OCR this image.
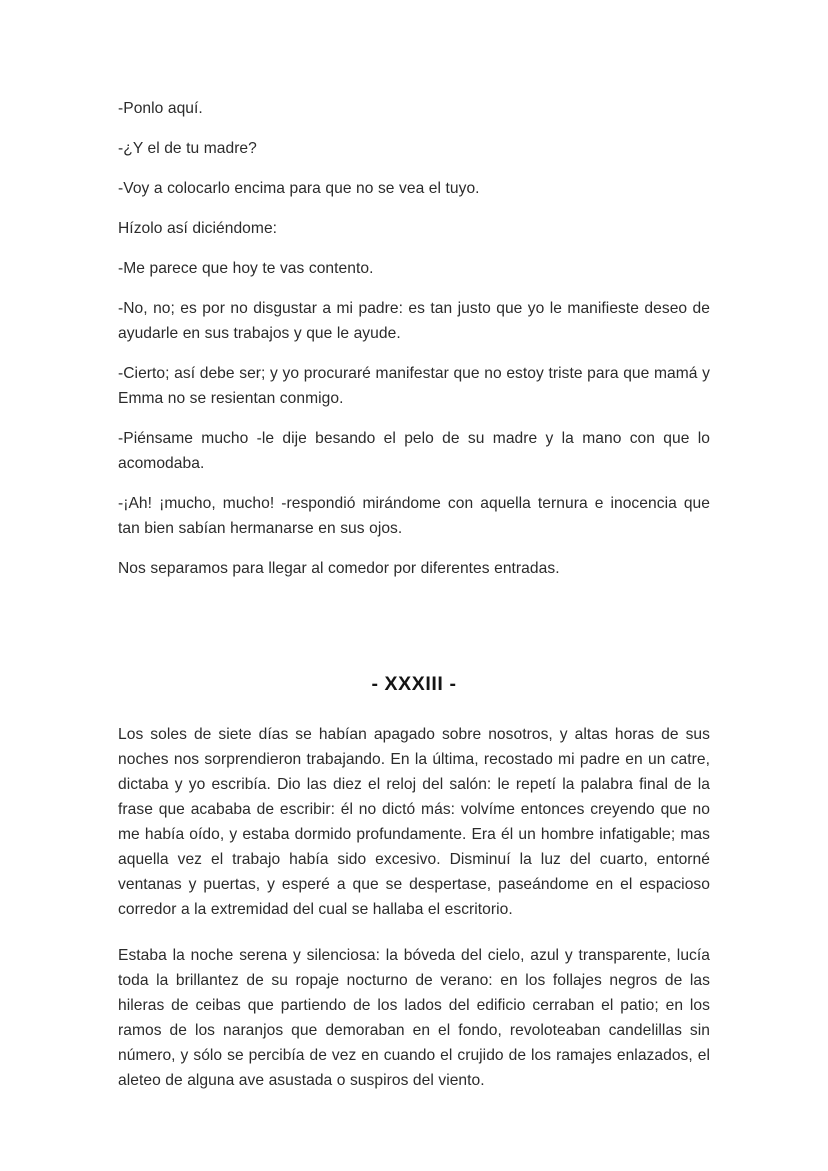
-Ponlo aquí.

-¿Y el de tu madre?

-Voy a colocarlo encima para que no se vea el tuyo.

Hízolo así diciéndome:

-Me parece que hoy te vas contento.

-No, no; es por no disgustar a mi padre: es tan justo que yo le manifieste deseo de ayudarle en sus trabajos y que le ayude.

-Cierto; así debe ser; y yo procuraré manifestar que no estoy triste para que mamá y Emma no se resientan conmigo.

-Piénsame mucho -le dije besando el pelo de su madre y la mano con que lo acomodaba.

-¡Ah! ¡mucho, mucho! -respondió mirándome con aquella ternura e inocencia que tan bien sabían hermanarse en sus ojos.

Nos separamos para llegar al comedor por diferentes entradas.

- XXXIII -

Los soles de siete días se habían apagado sobre nosotros, y altas horas de sus noches nos sorprendieron trabajando. En la última, recostado mi padre en un catre, dictaba y yo escribía. Dio las diez el reloj del salón: le repetí la palabra final de la frase que acababa de escribir: él no dictó más: volvíme entonces creyendo que no me había oído, y estaba dormido profundamente. Era él un hombre infatigable; mas aquella vez el trabajo había sido excesivo. Disminuí la luz del cuarto, entorné ventanas y puertas, y esperé a que se despertase, paseándome en el espacioso corredor a la extremidad del cual se hallaba el escritorio.

Estaba la noche serena y silenciosa: la bóveda del cielo, azul y transparente, lucía toda la brillantez de su ropaje nocturno de verano: en los follajes negros de las hileras de ceibas que partiendo de los lados del edificio cerraban el patio; en los ramos de los naranjos que demoraban en el fondo, revoloteaban candelillas sin número, y sólo se percibía de vez en cuando el crujido de los ramajes enlazados, el aleteo de alguna ave asustada o suspiros del viento.
